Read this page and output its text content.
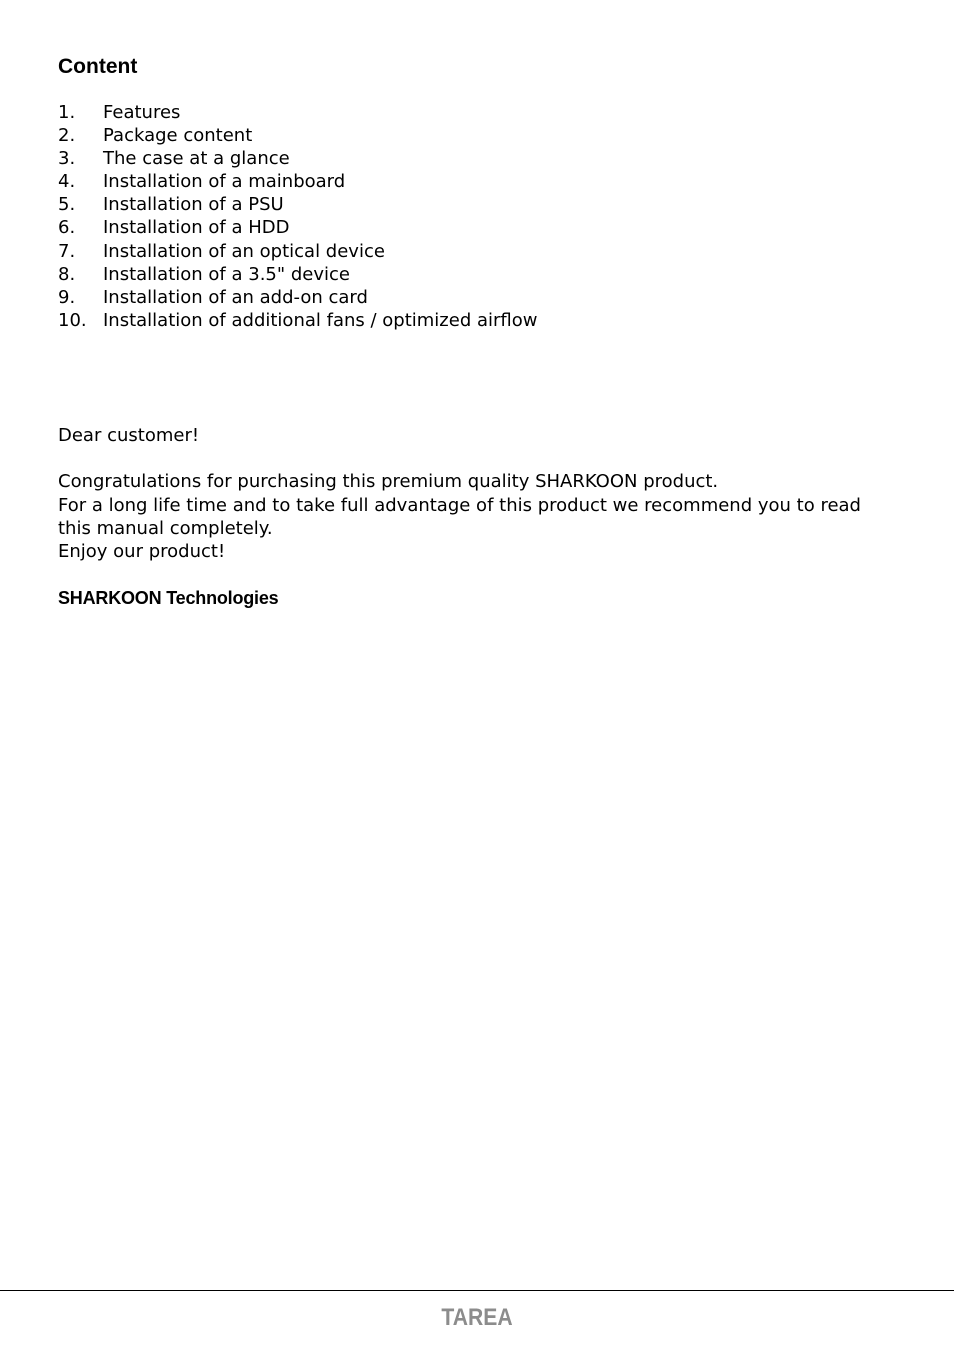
Content
1. Features
2. Package content
3. The case at a glance
4. Installation of a mainboard
5. Installation of a PSU
6. Installation of a HDD
7. Installation of an optical device
8. Installation of a 3.5" device
9. Installation of an add-on card
10. Installation of additional fans / optimized airflow

Dear customer!

Congratulations for purchasing this premium quality SHARKOON product.

For a long life time and to take full advantage of this product we recommend you to read

this manual completely.

Enjoy our product!

SHARKOON Technologies
TAREA
